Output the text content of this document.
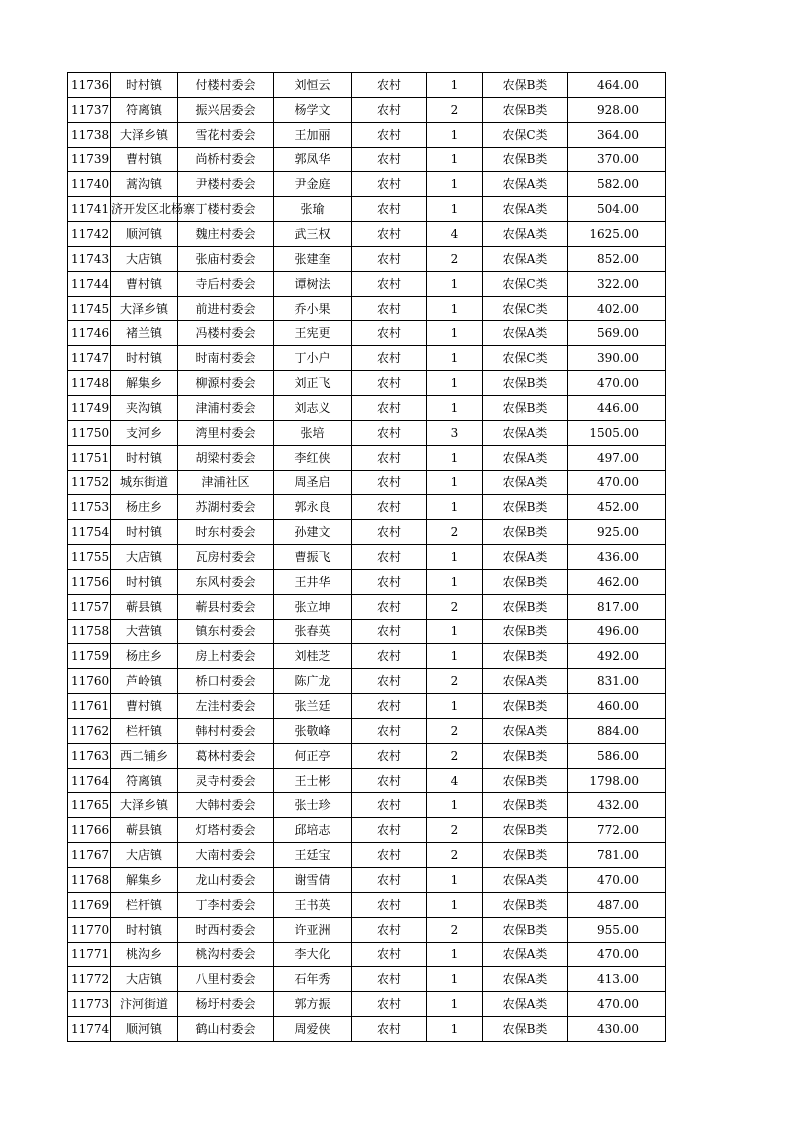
11736	时村镇	付楼村委会	刘恒云	农村	1	农保B类	464.00
11737	符离镇	振兴居委会	杨学文	农村	2	农保B类	928.00
11738	大泽乡镇	雪花村委会	王加丽	农村	1	农保C类	364.00
11739	曹村镇	尚桥村委会	郭凤华	农村	1	农保B类	370.00
11740	蒿沟镇	尹楼村委会	尹金庭	农村	1	农保A类	582.00
11741	济开发区北杨寨	丁楼村委会	张瑜	农村	1	农保A类	504.00
11742	顺河镇	魏庄村委会	武三权	农村	4	农保A类	1625.00
11743	大店镇	张庙村委会	张建奎	农村	2	农保A类	852.00
11744	曹村镇	寺后村委会	谭树法	农村	1	农保C类	322.00
11745	大泽乡镇	前进村委会	乔小果	农村	1	农保C类	402.00
11746	褚兰镇	冯楼村委会	王宪更	农村	1	农保A类	569.00
11747	时村镇	时南村委会	丁小户	农村	1	农保C类	390.00
11748	解集乡	柳源村委会	刘正飞	农村	1	农保B类	470.00
11749	夹沟镇	津浦村委会	刘志义	农村	1	农保B类	446.00
11750	支河乡	湾里村委会	张培	农村	3	农保A类	1505.00
11751	时村镇	胡梁村委会	李红侠	农村	1	农保A类	497.00
11752	城东街道	津浦社区	周圣启	农村	1	农保A类	470.00
11753	杨庄乡	苏湖村委会	郭永良	农村	1	农保B类	452.00
11754	时村镇	时东村委会	孙建文	农村	2	农保B类	925.00
11755	大店镇	瓦房村委会	曹振飞	农村	1	农保A类	436.00
11756	时村镇	东风村委会	王井华	农村	1	农保B类	462.00
11757	蕲县镇	蕲县村委会	张立坤	农村	2	农保B类	817.00
11758	大营镇	镇东村委会	张春英	农村	1	农保B类	496.00
11759	杨庄乡	房上村委会	刘桂芝	农村	1	农保B类	492.00
11760	芦岭镇	桥口村委会	陈广龙	农村	2	农保A类	831.00
11761	曹村镇	左洼村委会	张兰廷	农村	1	农保B类	460.00
11762	栏杆镇	韩村村委会	张敬峰	农村	2	农保A类	884.00
11763	西二铺乡	葛林村委会	何正亭	农村	2	农保B类	586.00
11764	符离镇	灵寺村委会	王士彬	农村	4	农保B类	1798.00
11765	大泽乡镇	大韩村委会	张士珍	农村	1	农保B类	432.00
11766	蕲县镇	灯塔村委会	邱培志	农村	2	农保B类	772.00
11767	大店镇	大南村委会	王廷宝	农村	2	农保B类	781.00
11768	解集乡	龙山村委会	谢雪倩	农村	1	农保A类	470.00
11769	栏杆镇	丁李村委会	王书英	农村	1	农保B类	487.00
11770	时村镇	时西村委会	许亚洲	农村	2	农保B类	955.00
11771	桃沟乡	桃沟村委会	李大化	农村	1	农保A类	470.00
11772	大店镇	八里村委会	石年秀	农村	1	农保A类	413.00
11773	汴河街道	杨圩村委会	郭方振	农村	1	农保A类	470.00
11774	顺河镇	鹤山村委会	周爱侠	农村	1	农保B类	430.00
